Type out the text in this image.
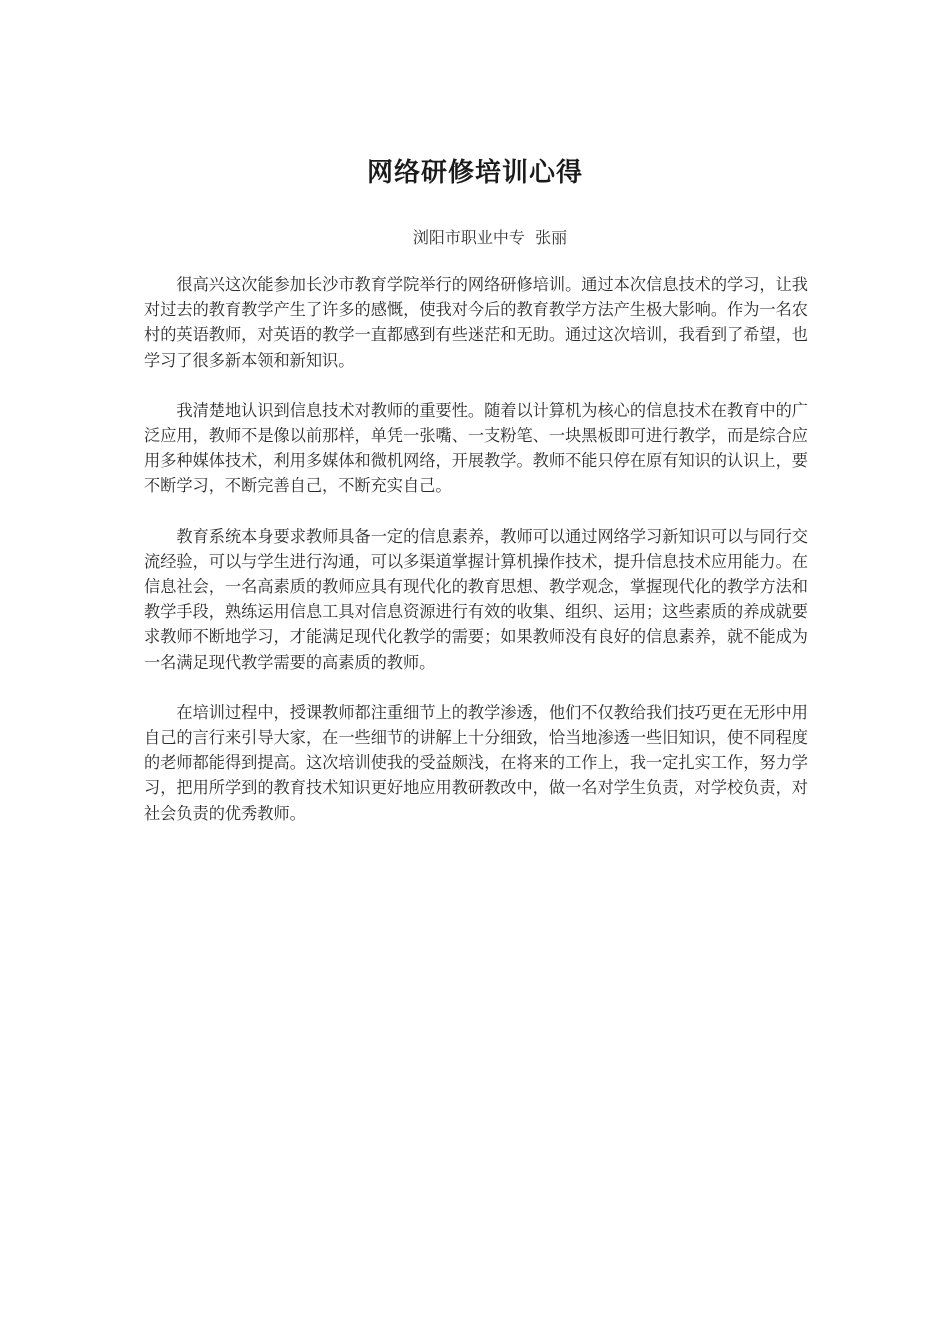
网络研修培训心得
浏阳市职业中专  张丽

很高兴这次能参加长沙市教育学院举行的网络研修培训。通过本次信息技术的学习，让我对过去的教育教学产生了许多的感慨，使我对今后的教育教学方法产生极大影响。作为一名农村的英语教师，对英语的教学一直都感到有些迷茫和无助。通过这次培训，我看到了希望，也学习了很多新本领和新知识。

我清楚地认识到信息技术对教师的重要性。随着以计算机为核心的信息技术在教育中的广泛应用，教师不是像以前那样，单凭一张嘴、一支粉笔、一块黑板即可进行教学，而是综合应用多种媒体技术，利用多媒体和微机网络，开展教学。教师不能只停在原有知识的认识上，要不断学习，不断完善自己，不断充实自己。

教育系统本身要求教师具备一定的信息素养，教师可以通过网络学习新知识可以与同行交流经验，可以与学生进行沟通，可以多渠道掌握计算机操作技术，提升信息技术应用能力。在信息社会，一名高素质的教师应具有现代化的教育思想、教学观念，掌握现代化的教学方法和教学手段，熟练运用信息工具对信息资源进行有效的收集、组织、运用；这些素质的养成就要求教师不断地学习，才能满足现代化教学的需要；如果教师没有良好的信息素养，就不能成为一名满足现代教学需要的高素质的教师。

在培训过程中，授课教师都注重细节上的教学渗透，他们不仅教给我们技巧更在无形中用自己的言行来引导大家，在一些细节的讲解上十分细致，恰当地渗透一些旧知识，使不同程度的老师都能得到提高。这次培训使我的受益颇浅，在将来的工作上，我一定扎实工作，努力学习，把用所学到的教育技术知识更好地应用教研教改中，做一名对学生负责，对学校负责，对社会负责的优秀教师。
